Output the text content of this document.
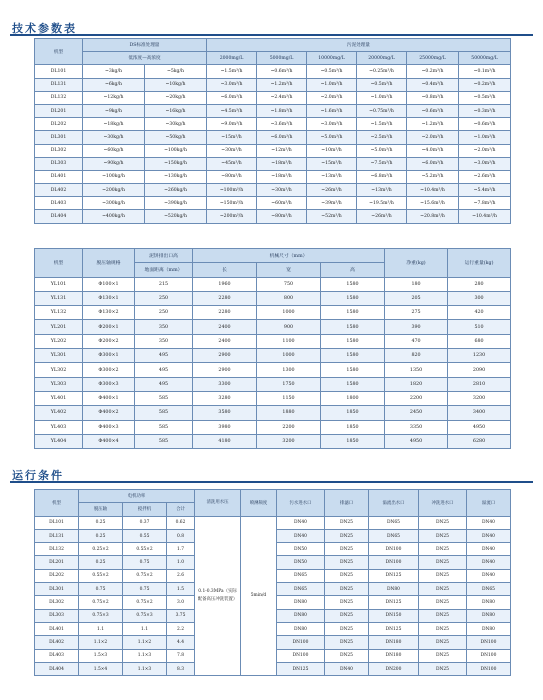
技术参数表
机型	DS标准处理量		污泥处理量					
	低浓度—高浓度		2000mg/L	5000mg/L	10000mg/L	20000mg/L	25000mg/L	50000mg/L
DL101	~3kg/h	~5kg/h	~1.5m³/h	~0.6m³/h	~0.5m³/h	~0.25m³/h	~0.2m³/h	~0.1m³/h
DL131	~6kg/h	~10kg/h	~3.0m³/h	~1.2m³/h	~1.0m³/h	~0.5m³/h	~0.4m³/h	~0.2m³/h
DL132	~12kg/h	~20kg/h	~6.0m³/h	~2.4m³/h	~2.0m³/h	~1.0m³/h	~0.8m³/h	~0.5m³/h
DL201	~9kg/h	~16kg/h	~4.5m³/h	~1.8m³/h	~1.6m³/h	~0.75m³/h	~0.6m³/h	~0.3m³/h
DL202	~18kg/h	~30kg/h	~9.0m³/h	~3.6m³/h	~3.0m³/h	~1.5m³/h	~1.2m³/h	~0.6m³/h
DL301	~30kg/h	~50kg/h	~15m³/h	~6.0m³/h	~5.0m³/h	~2.5m³/h	~2.0m³/h	~1.0m³/h
DL302	~60kg/h	~100kg/h	~30m³/h	~12m³/h	~10m³/h	~5.0m³/h	~4.0m³/h	~2.0m³/h
DL303	~90kg/h	~150kg/h	~45m³/h	~18m³/h	~15m³/h	~7.5m³/h	~6.0m³/h	~3.0m³/h
DL401	~100kg/h	~130kg/h	~80m³/h	~18m³/h	~13m³/h	~6.8m³/h	~5.2m³/h	~2.6m³/h
DL402	~200kg/h	~260kg/h	~100m³/h	~30m³/h	~26m³/h	~13m³/h	~10.4m³/h	~5.4m³/h
DL403	~300kg/h	~390kg/h	~150m³/h	~60m³/h	~39m³/h	~19.5m³/h	~15.6m³/h	~7.8m³/h
DL404	~400kg/h	~520kg/h	~200m³/h	~80m³/h	~52m³/h	~26m³/h	~20.8m³/h	~10.4m³/h
机型	脱压轴规格	泥饼排出口高	机械尺寸（mm）			净重(kg)	运行重量(kg)
		地面距离（mm）	长	宽	高		
YL101	Φ100×1	215	1960	750	1580	180	280
YL131	Φ130×1	250	2280	800	1580	205	300
YL132	Φ130×2	250	2280	1000	1580	275	420
YL201	Φ200×1	350	2400	900	1580	390	510
YL202	Φ200×2	350	2400	1100	1580	470	680
YL301	Φ300×1	495	2900	1000	1580	820	1230
YL302	Φ300×2	495	2900	1300	1580	1350	2090
YL303	Φ300×3	495	3300	1750	1580	1820	2810
YL401	Φ400×1	585	3280	1150	1800	2200	3200
YL402	Φ400×2	585	3580	1880	1850	2450	3400
YL403	Φ400×3	585	3980	2200	1850	3350	4950
YL404	Φ400×4	585	4180	3200	1850	4950	6280
运行条件
机型	电机功率			清洗用水压	喷淋频度	污水进水口	排滤口	溢流出水口	冲洗进水口	溢流口
	脱压轴	搅拌机	合计							
DL101	0.25	0.37	0.62	0.1-0.3MPa（实际配备高压冲洗装置）	5min/d	DN40	DN25	DN65	DN25	DN40
DL131	0.25	0.55	0.8			DN40	DN25	DN65	DN25	DN40
DL132	0.25×2	0.55×2	1.7			DN50	DN25	DN100	DN25	DN40
DL201	0.25	0.75	1.0			DN50	DN25	DN100	DN25	DN40
DL202	0.55×2	0.75×2	2.6			DN65	DN25	DN125	DN25	DN40
DL301	0.75	0.75	1.5			DN65	DN25	DN80	DN25	DN65
DL302	0.75×2	0.75×2	3.0			DN80	DN25	DN125	DN25	DN80
DL303	0.75×3	0.75×3	3.75			DN80	DN25	DN150	DN25	DN80
DL401	1.1	1.1	2.2			DN80	DN25	DN125	DN25	DN80
DL402	1.1×2	1.1×2	4.4			DN100	DN25	DN180	DN25	DN100
DL403	1.5×3	1.1×3	7.8			DN100	DN25	DN180	DN25	DN100
DL404	1.5×4	1.1×3	8.3			DN125	DN40	DN200	DN25	DN100
